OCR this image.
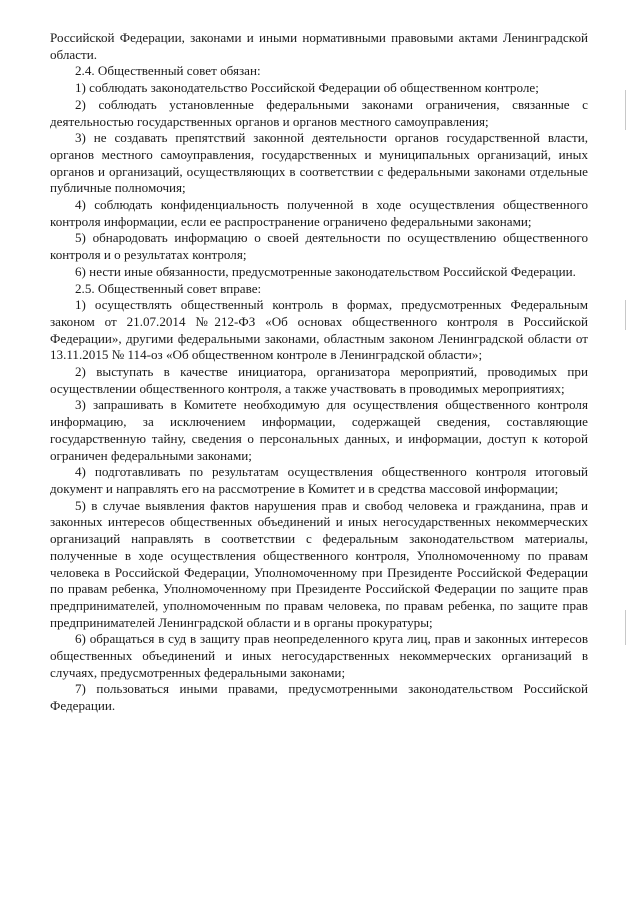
Российской Федерации, законами и иными нормативными правовыми актами Ленинградской области.

2.4. Общественный совет обязан:

1) соблюдать законодательство Российской Федерации об общественном контроле;

2) соблюдать установленные федеральными законами ограничения, связанные с деятельностью государственных органов и органов местного самоуправления;

3) не создавать препятствий законной деятельности органов государственной власти, органов местного самоуправления, государственных и муниципальных организаций, иных органов и организаций, осуществляющих в соответствии с федеральными законами отдельные публичные полномочия;

4) соблюдать конфиденциальность полученной в ходе осуществления общественного контроля информации, если ее распространение ограничено федеральными законами;

5) обнародовать информацию о своей деятельности по осуществлению общественного контроля и о результатах контроля;

6) нести иные обязанности, предусмотренные законодательством Российской Федерации.

2.5. Общественный совет вправе:

1) осуществлять общественный контроль в формах, предусмотренных Федеральным законом от 21.07.2014 №212-ФЗ «Об основах общественного контроля в Российской Федерации», другими федеральными законами, областным законом Ленинградской области от 13.11.2015 № 114-оз «Об общественном контроле в Ленинградской области»;

2) выступать в качестве инициатора, организатора мероприятий, проводимых при осуществлении общественного контроля, а также участвовать в проводимых мероприятиях;

3) запрашивать в Комитете необходимую для осуществления общественного контроля информацию, за исключением информации, содержащей сведения, составляющие государственную тайну, сведения о персональных данных, и информации, доступ к которой ограничен федеральными законами;

4) подготавливать по результатам осуществления общественного контроля итоговый документ и направлять его на рассмотрение в Комитет и в средства массовой информации;

5) в случае выявления фактов нарушения прав и свобод человека и гражданина, прав и законных интересов общественных объединений и иных негосударственных некоммерческих организаций направлять в соответствии с федеральным законодательством материалы, полученные в ходе осуществления общественного контроля, Уполномоченному по правам человека в Российской Федерации, Уполномоченному при Президенте Российской Федерации по правам ребенка, Уполномоченному при Президенте Российской Федерации по защите прав предпринимателей, уполномоченным по правам человека, по правам ребенка, по защите прав предпринимателей Ленинградской области и в органы прокуратуры;

6) обращаться в суд в защиту прав неопределенного круга лиц, прав и законных интересов общественных объединений и иных негосударственных некоммерческих организаций в случаях, предусмотренных федеральными законами;

7) пользоваться иными правами, предусмотренными законодательством Российской Федерации.
